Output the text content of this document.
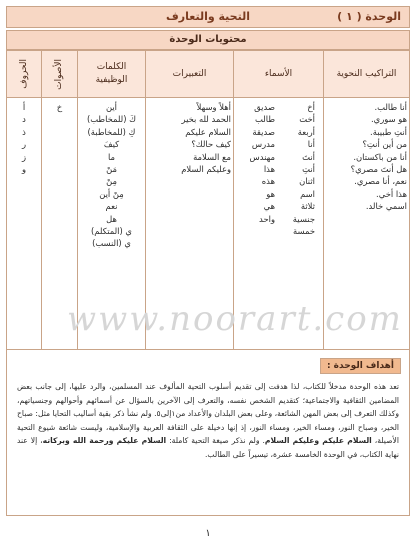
الوحدة ( ١ )
التحية والتعارف
محتويات الوحدة
التراكيب النحوية
أنا طالب.
هو سوري.
أنتِ طبيبة.
من أين أنتِ؟
أنا من باكستان.
هل أنتَ مصري؟
نعم، أنا مصري.
هذا أخي.
اسمي خالد.
الأسماء
أخ
أخت
أربعة
أنا
أنتَ
أنتِ
اثنان
اسم
ثلاثة
جنسية
خمسة
صديق
طالب
صديقة
مدرس
مهندس
هذا
هذه
هو
هي
واحد
التعبيرات
أهلاً وسهلاً
الحمد لله بخير
السلام عليكم
كيف حالك؟
مع السلامة
وعليكم السلام
الكلمات
الوظيفية
أين
كَ (للمخاطب)
كِ (للمخاطبة)
كيفَ
ما
مَنْ
مِنْ
مِنْ أين
نعم
هل
ي (المتكلم)
ي (النسب)
الأصوات
خ
الحروف
أ
د
ذ
ر
ز
و
www.noorart.com
أهداف الوحدة :
تعد هذه الوحدة مدخلاً للكتاب، لذا هدفت إلى تقديم أسلوب التحية المألوف عند المسلمين، والرد عليها، إلى جانب بعض المضامين الثقافية والاجتماعية؛ كتقديم الشخص نفسه، والتعرف إلى الآخرين بالسؤال عن أسمائهم وأحوالهم وجنسياتهم، وكذلك التعرف إلى بعض المهن الشائعة، وعلى بعض البلدان والأعداد من١إلى٥. ولم نشأ ذكر بقية أساليب التحايا مثل: صباح الخير، وصباح النور، ومساء الخير، ومساء النور، إذ إنها دخيلة على الثقافة العربية والإسلامية، وليست شائعة شيوع التحية الأصيلة، السلام عليكم وعليكم السلام. ولم نذكر صيغة التحية كاملة: السلام عليكم ورحمة الله وبركاته، إلا عند نهاية الكتاب، في الوحدة الخامسة عشرة، تيسيراً على الطالب.
١
